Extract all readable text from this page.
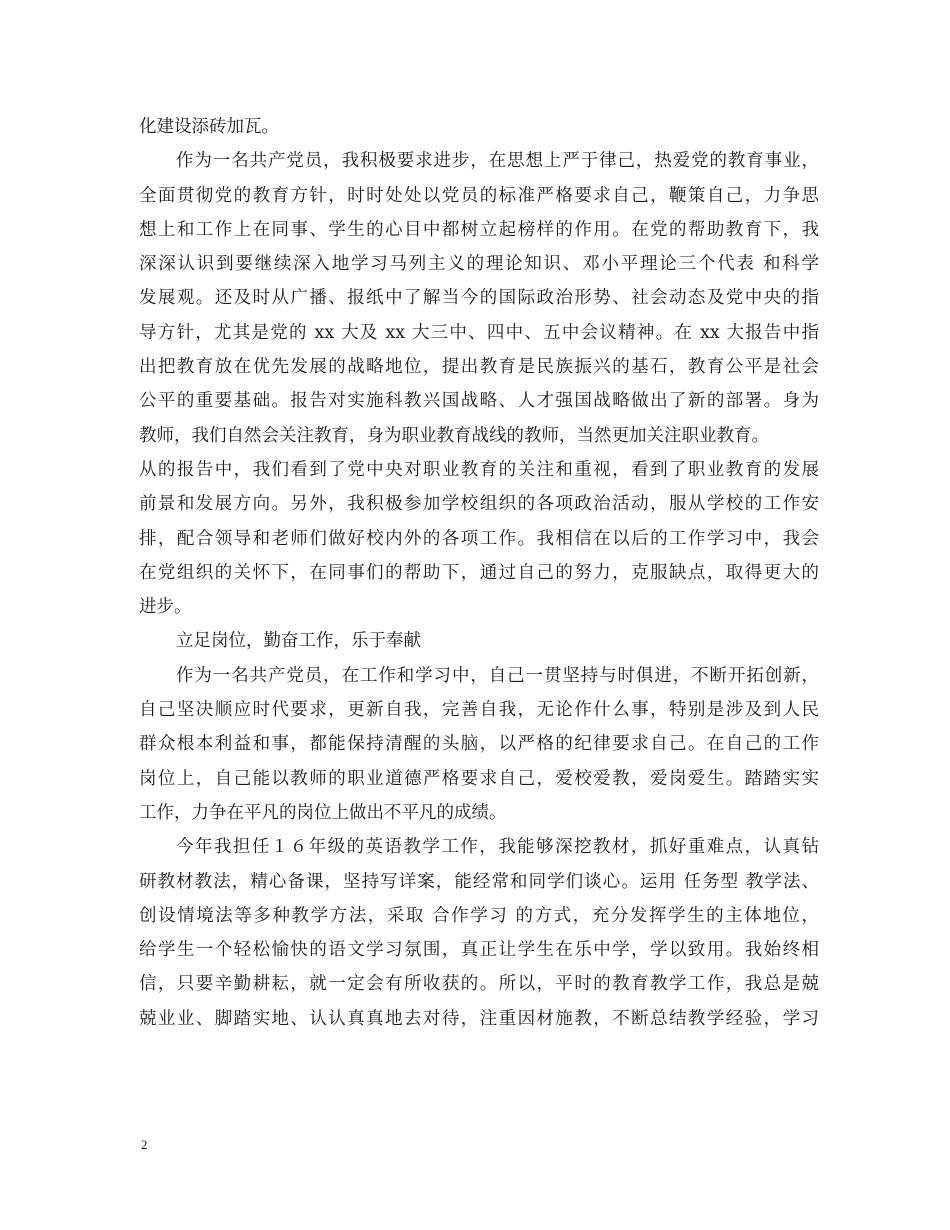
化建设添砖加瓦。
作为一名共产党员，我积极要求进步，在思想上严于律己，热爱党的教育事业，
全面贯彻党的教育方针，时时处处以党员的标准严格要求自己，鞭策自己，力争思
想上和工作上在同事、学生的心目中都树立起榜样的作用。在党的帮助教育下，我
深深认识到要继续深入地学习马列主义的理论知识、邓小平理论三个代表 和科学
发展观。还及时从广播、报纸中了解当今的国际政治形势、社会动态及党中央的指
导方针，尤其是党的 xx 大及 xx 大三中、四中、五中会议精神。在 xx 大报告中指
出把教育放在优先发展的战略地位，提出教育是民族振兴的基石，教育公平是社会
公平的重要基础。报告对实施科教兴国战略、人才强国战略做出了新的部署。身为
教师，我们自然会关注教育，身为职业教育战线的教师，当然更加关注职业教育。
从的报告中，我们看到了党中央对职业教育的关注和重视，看到了职业教育的发展
前景和发展方向。另外，我积极参加学校组织的各项政治活动，服从学校的工作安
排，配合领导和老师们做好校内外的各项工作。我相信在以后的工作学习中，我会
在党组织的关怀下，在同事们的帮助下，通过自己的努力，克服缺点，取得更大的
进步。
立足岗位，勤奋工作，乐于奉献
作为一名共产党员，在工作和学习中，自己一贯坚持与时俱进，不断开拓创新，
自己坚决顺应时代要求，更新自我，完善自我，无论作什么事，特别是涉及到人民
群众根本利益和事，都能保持清醒的头脑，以严格的纪律要求自己。在自己的工作
岗位上，自己能以教师的职业道德严格要求自己，爱校爱教，爱岗爱生。踏踏实实
工作，力争在平凡的岗位上做出不平凡的成绩。
今年我担任１６年级的英语教学工作，我能够深挖教材，抓好重难点，认真钻
研教材教法，精心备课，坚持写详案，能经常和同学们谈心。运用 任务型 教学法、
创设情境法等多种教学方法，采取 合作学习 的方式，充分发挥学生的主体地位，
给学生一个轻松愉快的语文学习氛围，真正让学生在乐中学，学以致用。我始终相
信，只要辛勤耕耘，就一定会有所收获的。所以，平时的教育教学工作，我总是兢
兢业业、脚踏实地、认认真真地去对待，注重因材施教，不断总结教学经验，学习
2
